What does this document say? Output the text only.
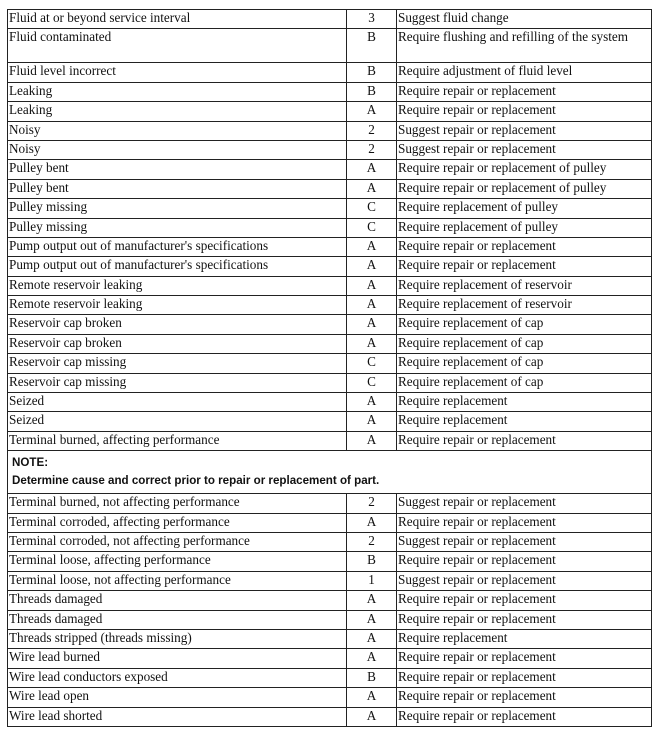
Fluid at or beyond service interval	3	Suggest fluid change
Fluid contaminated	B	Require flushing and refilling of the system
Fluid level incorrect	B	Require adjustment of fluid level
Leaking	B	Require repair or replacement
Leaking	A	Require repair or replacement
Noisy	2	Suggest repair or replacement
Noisy	2	Suggest repair or replacement
Pulley bent	A	Require repair or replacement of pulley
Pulley bent	A	Require repair or replacement of pulley
Pulley missing	C	Require replacement of pulley
Pulley missing	C	Require replacement of pulley
Pump output out of manufacturer's specifications	A	Require repair or replacement
Pump output out of manufacturer's specifications	A	Require repair or replacement
Remote reservoir leaking	A	Require replacement of reservoir
Remote reservoir leaking	A	Require replacement of reservoir
Reservoir cap broken	A	Require replacement of cap
Reservoir cap broken	A	Require replacement of cap
Reservoir cap missing	C	Require replacement of cap
Reservoir cap missing	C	Require replacement of cap
Seized	A	Require replacement
Seized	A	Require replacement
Terminal burned, affecting performance	A	Require repair or replacement

NOTE:
Determine cause and correct prior to repair or replacement of part.		

Terminal burned, not affecting performance	2	Suggest repair or replacement
Terminal corroded, affecting performance	A	Require repair or replacement
Terminal corroded, not affecting performance	2	Suggest repair or replacement
Terminal loose, affecting performance	B	Require repair or replacement
Terminal loose, not affecting performance	1	Suggest repair or replacement
Threads damaged	A	Require repair or replacement
Threads damaged	A	Require repair or replacement
Threads stripped (threads missing)	A	Require replacement
Wire lead burned	A	Require repair or replacement
Wire lead conductors exposed	B	Require repair or replacement
Wire lead open	A	Require repair or replacement
Wire lead shorted	A	Require repair or replacement
